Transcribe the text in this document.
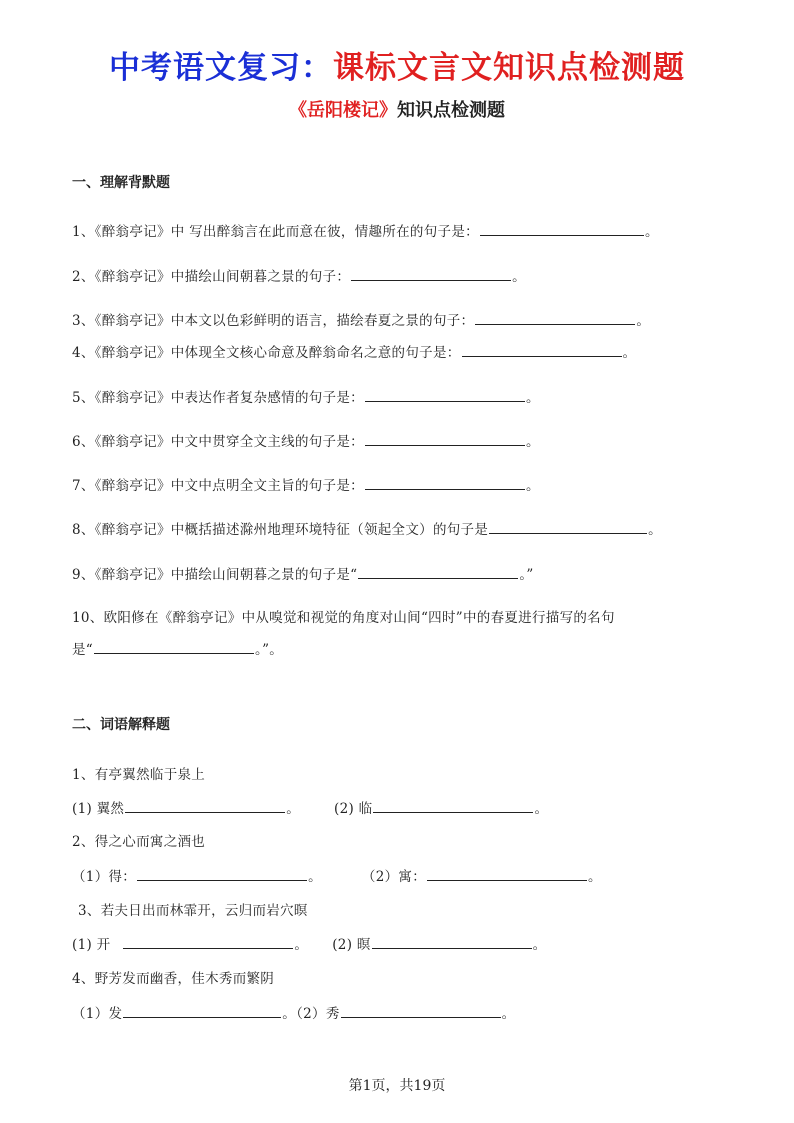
中考语文复习：课标文言文知识点检测题
《岳阳楼记》知识点检测题
一、理解背默题
1、《醉翁亭记》中 写出醉翁言在此而意在彼，情趣所在的句子是：	。
2、《醉翁亭记》中描绘山间朝暮之景的句子：	。
3、《醉翁亭记》中本文以色彩鲜明的语言，描绘春夏之景的句子：	。
4、《醉翁亭记》中体现全文核心命意及醉翁命名之意的句子是：	。
5、《醉翁亭记》中表达作者复杂感情的句子是：	。
6、《醉翁亭记》中文中贯穿全文主线的句子是：	。
7、《醉翁亭记》中文中点明全文主旨的句子是：	。
8、《醉翁亭记》中概括描述滁州地理环境特征（领起全文）的句子是	。
9、《醉翁亭记》中描绘山间朝暮之景的句子是“	。”
10、欧阳修在《醉翁亭记》中从嗅觉和视觉的角度对山间“四时”中的春夏进行描写的名句
是“	。”。
二、词语解释题
1、有亭翼然临于泉上
(1) 翼然	。	(2) 临	。
2、得之心而寓之酒也
（1）得：	。	（2）寓：	。
3、若夫日出而林霏开，云归而岩穴暝
(1) 开	。 (2) 暝	。
4、野芳发而幽香，佳木秀而繁阴
（1）发	。（2）秀	。
第1页，共19页
